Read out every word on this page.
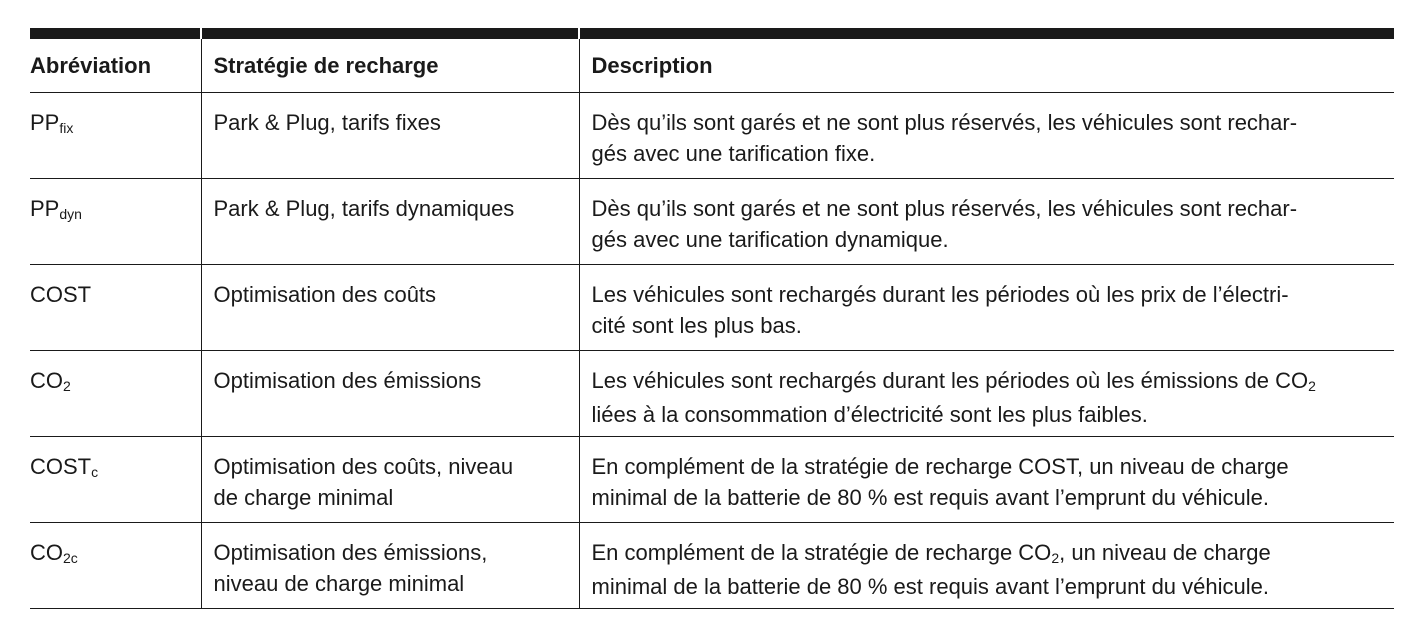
Abréviation	Stratégie de recharge	Description
PPfix	Park & Plug, tarifs fixes	Dès qu’ils sont garés et ne sont plus réservés, les véhicules sont rechar-
gés avec une tarification fixe.

PPdyn	Park & Plug, tarifs dynamiques	Dès qu’ils sont garés et ne sont plus réservés, les véhicules sont rechar-
gés avec une tarification dynamique.

COST	Optimisation des coûts	Les véhicules sont rechargés durant les périodes où les prix de l’électri-
cité sont les plus bas.

CO2	Optimisation des émissions	Les véhicules sont rechargés durant les périodes où les émissions de CO2
liées à la consommation d’électricité sont les plus faibles.

COSTc	Optimisation des coûts, niveau
de charge minimal	En complément de la stratégie de recharge COST, un niveau de charge
minimal de la batterie de 80 % est requis avant l’emprunt du véhicule.

CO2c	Optimisation des émissions,
niveau de charge minimal	En complément de la stratégie de recharge CO2, un niveau de charge
minimal de la batterie de 80 % est requis avant l’emprunt du véhicule.
